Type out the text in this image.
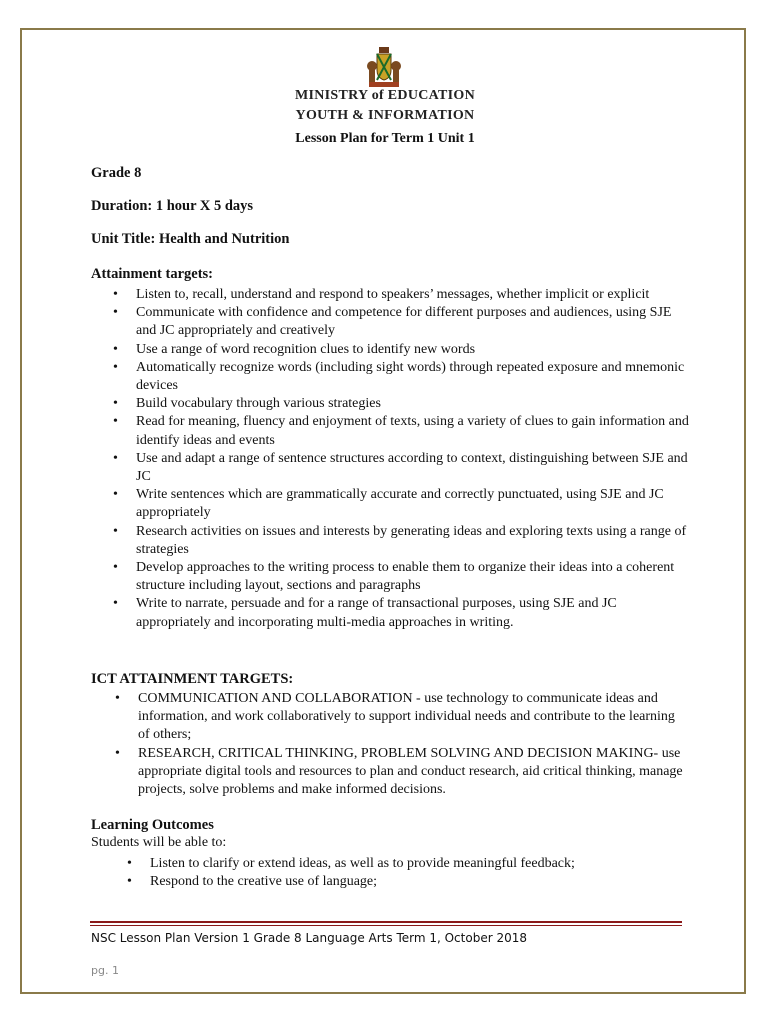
MINISTRY of EDUCATION
YOUTH & INFORMATION
Lesson Plan for Term 1 Unit 1
Grade 8
Duration: 1 hour X 5 days
Unit Title: Health and Nutrition
Attainment targets:
• Listen to, recall, understand and respond to speakers’ messages, whether implicit or explicit
• Communicate with confidence and competence for different purposes and audiences, using SJE and JC appropriately and creatively
• Use a range of word recognition clues to identify new words
• Automatically recognize words (including sight words) through repeated exposure and mnemonic devices
• Build vocabulary through various strategies
• Read for meaning, fluency and enjoyment of texts, using a variety of clues to gain information and identify ideas and events
• Use and adapt a range of sentence structures according to context, distinguishing between SJE and JC
• Write sentences which are grammatically accurate and correctly punctuated, using SJE and JC appropriately
• Research activities on issues and interests by generating ideas and exploring texts using a range of strategies
• Develop approaches to the writing process to enable them to organize their ideas into a coherent structure including layout, sections and paragraphs
• Write to narrate, persuade and for a range of transactional purposes, using SJE and JC appropriately and incorporating multi-media approaches in writing.
ICT ATTAINMENT TARGETS:
• COMMUNICATION AND COLLABORATION - use technology to communicate ideas and information, and work collaboratively to support individual needs and contribute to the learning of others;
• RESEARCH, CRITICAL THINKING, PROBLEM SOLVING AND DECISION MAKING- use appropriate digital tools and resources to plan and conduct research, aid critical thinking, manage projects, solve problems and make informed decisions.
Learning Outcomes
Students will be able to:
• Listen to clarify or extend ideas, as well as to provide meaningful feedback;
• Respond to the creative use of language;
NSC Lesson Plan Version 1 Grade 8 Language Arts Term 1, October 2018
pg. 1
